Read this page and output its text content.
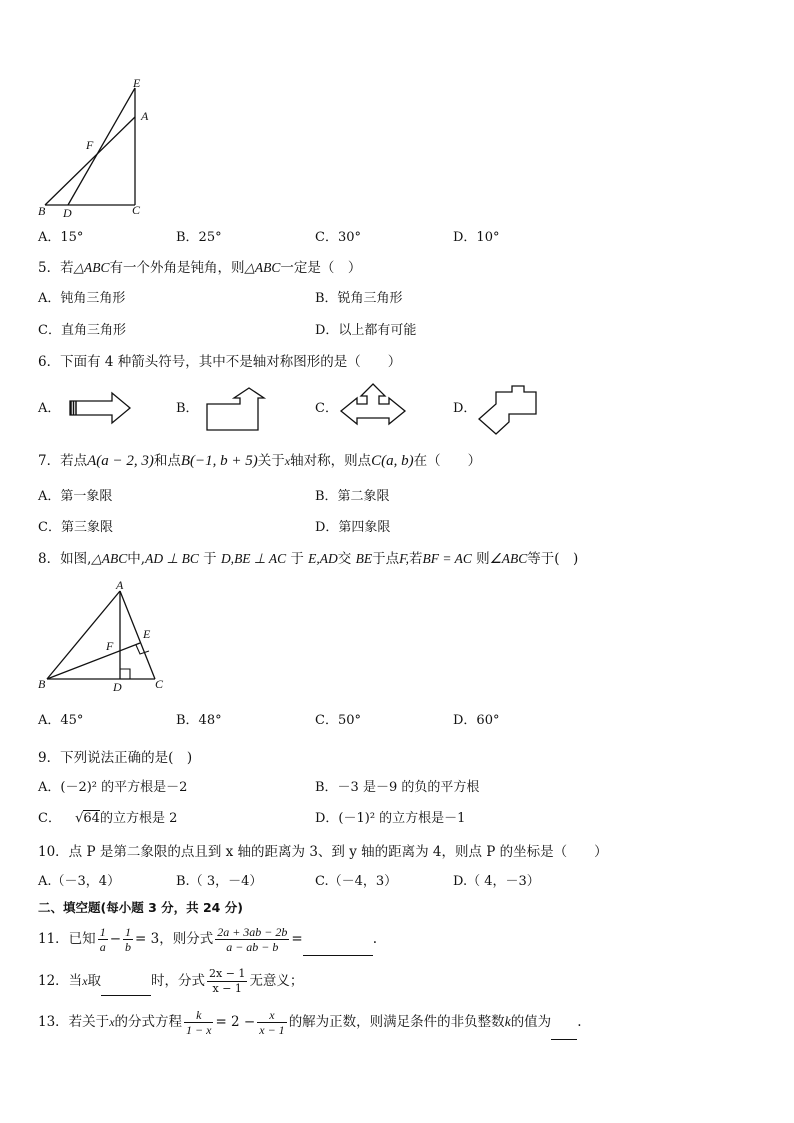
E
A
F
B D	C
A．15°	B．25°	C．30°	D．10°
5．若△ABC有一个外角是钝角，则△ABC一定是（　）
A．钝角三角形	B．锐角三角形
C．直角三角形	D．以上都有可能
6．下面有 4 种箭头符号，其中不是轴对称图形的是（　　）
A．	B．	C．	D．
7．若点A(a − 2, 3)和点B(−1, b + 5)关于x轴对称，则点C(a, b)在（　　）
A．第一象限	B．第二象限
C．第三象限	D．第四象限
8．如图,△ABC中,AD ⊥ BC 于 D,BE ⊥ AC 于 E,AD交 BE于点F,若BF = AC 则∠ABC等于(　)
A
E
F
B	D	C
A．45°	B．48°	C．50°	D．60°
9．下列说法正确的是(　)
A．(－2)² 的平方根是－2	B．－3 是－9 的负的平方根
C． √64的立方根是 2	D．(－1)² 的立方根是－1
10．点 P 是第二象限的点且到 x 轴的距离为 3、到 y 轴的距离为 4，则点 P 的坐标是（　　）
A.（－3，4）	B.（ 3，－4）	C.（－4，3）	D.（ 4，－3）
二、填空题(每小题 3 分，共 24 分)
11．已知 $\frac{1}{a} - \frac{1}{b} = 3$，则分式 $\frac{2a + 3ab - 2b}{a - ab - b}$ =	.
12．当x取	时，分式 $\frac{2x - 1}{x - 1}$ 无意义；
13．若关于x的分式方程 $\frac{k}{1 - x} = 2 - \frac{x}{x - 1}$ 的解为正数，则满足条件的非负整数k的值为 .
